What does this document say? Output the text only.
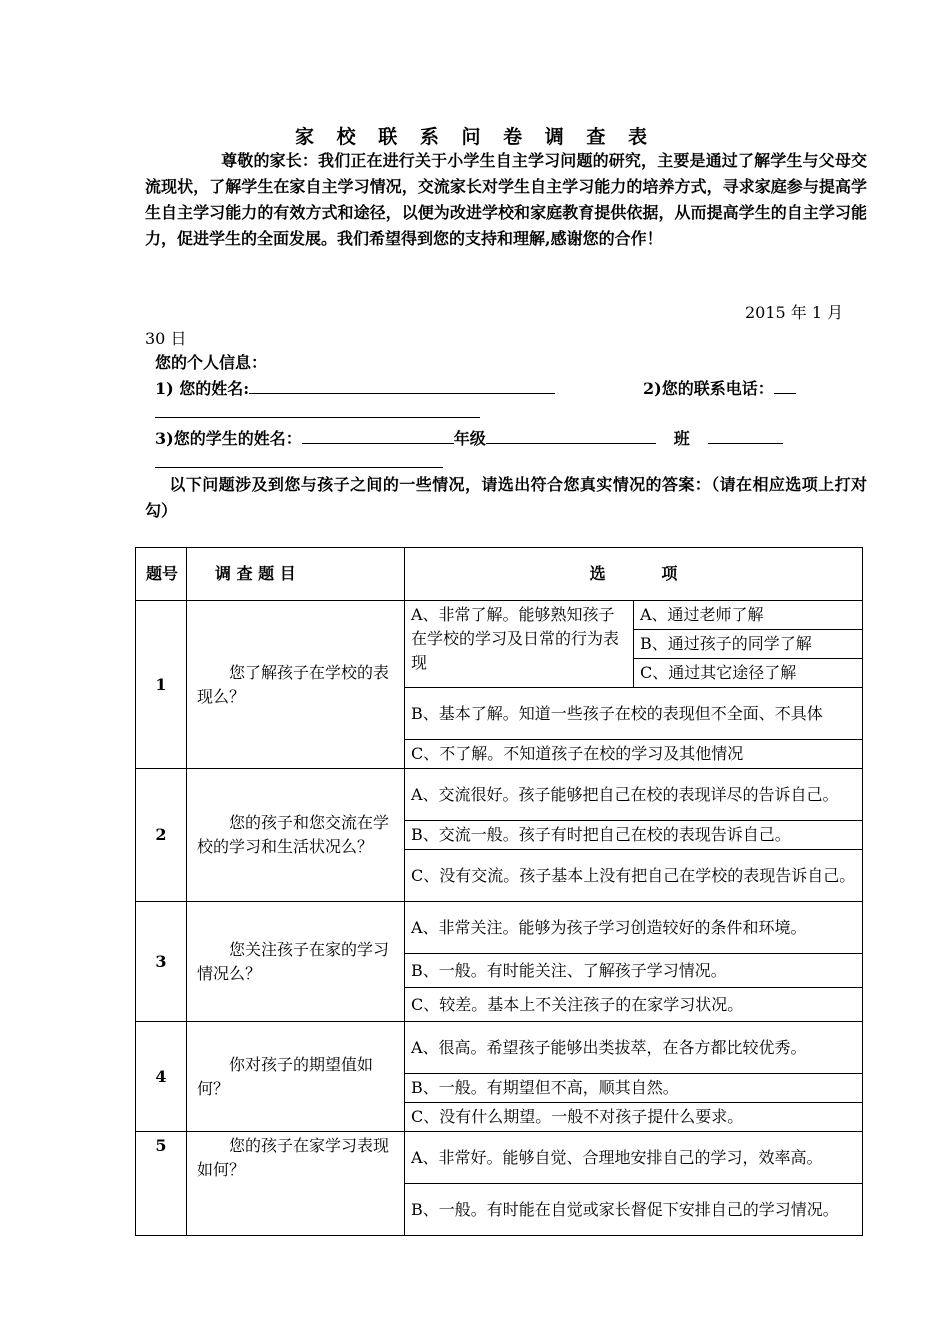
家 校 联 系 问 卷 调 查 表
尊敬的家长：我们正在进行关于小学生自主学习问题的研究，主要是通过了解学生与父母交流现状，了解学生在家自主学习情况，交流家长对学生自主学习能力的培养方式，寻求家庭参与提高学生自主学习能力的有效方式和途径，以便为改进学校和家庭教育提供依据，从而提高学生的自主学习能力，促进学生的全面发展。我们希望得到您的支持和理解,感谢您的合作！
2015 年 1 月
30 日
您的个人信息：
1) 您的姓名:	2)您的联系电话：
3)您的学生的姓名：	年级	班
以下问题涉及到您与孩子之间的一些情况，请选出符合您真实情况的答案：（请在相应选项上打对勾）
题号	调 查 题 目	选          项	
1	您了解孩子在学校的表现么？	A、非常了解。能够熟知孩子在学校的学习及日常的行为表现	A、通过老师了解
			B、通过孩子的同学了解
			C、通过其它途径了解
		B、基本了解。知道一些孩子在校的表现但不全面、不具体	
		C、不了解。不知道孩子在校的学习及其他情况	
2	您的孩子和您交流在学校的学习和生活状况么？	A、交流很好。孩子能够把自己在校的表现详尽的告诉自己。	
		B、交流一般。孩子有时把自己在校的表现告诉自己。	
		C、没有交流。孩子基本上没有把自己在学校的表现告诉自己。	
3	您关注孩子在家的学习情况么？	A、非常关注。能够为孩子学习创造较好的条件和环境。	
		B、一般。有时能关注、了解孩子学习情况。	
		C、较差。基本上不关注孩子的在家学习状况。	
4	你对孩子的期望值如何？	A、很高。希望孩子能够出类拔萃，在各方都比较优秀。	
		B、一般。有期望但不高，顺其自然。	
		C、没有什么期望。一般不对孩子提什么要求。	
5	您的孩子在家学习表现如何？	A、非常好。能够自觉、合理地安排自己的学习，效率高。	
		B、一般。有时能在自觉或家长督促下安排自己的学习情况。	
